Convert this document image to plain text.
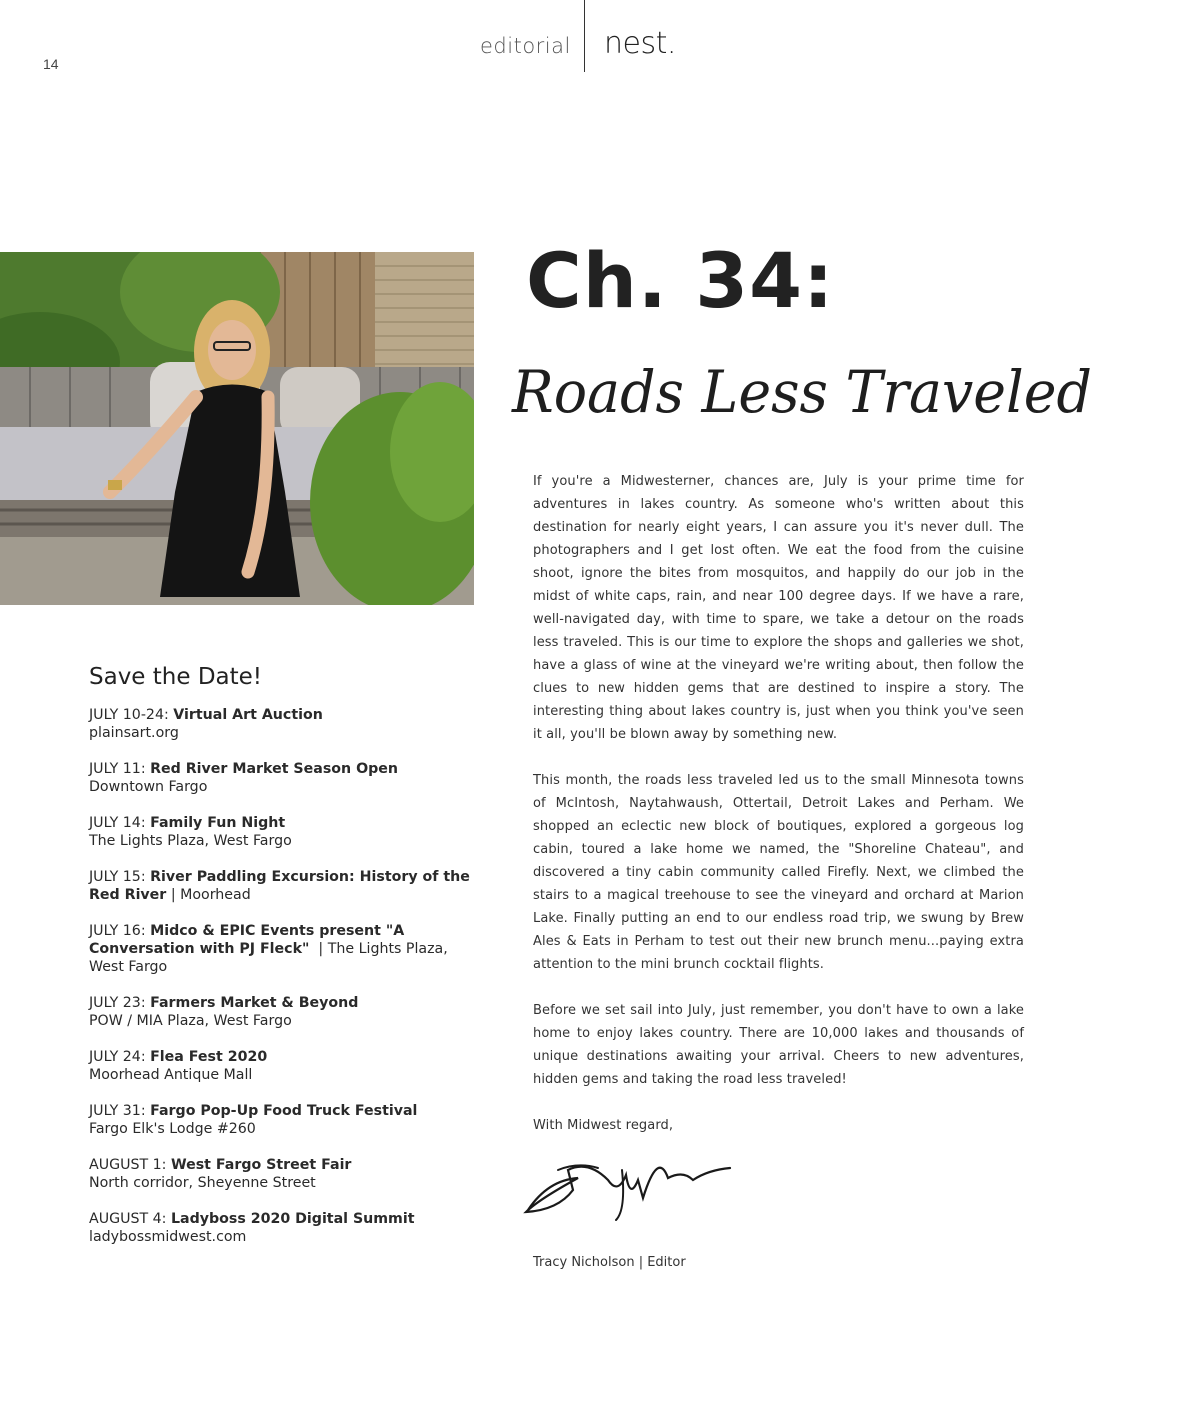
14
editorial nest.
Ch. 34:
Roads Less Traveled

If you're a Midwesterner, chances are, July is your prime time for adventures in lakes country. As someone who's written about this destination for nearly eight years, I can assure you it's never dull. The photographers and I get lost often. We eat the food from the cuisine shoot, ignore the bites from mosquitos, and happily do our job in the midst of white caps, rain, and near 100 degree days. If we have a rare, well-navigated day, with time to spare, we take a detour on the roads less traveled. This is our time to explore the shops and galleries we shot, have a glass of wine at the vineyard we're writing about, then follow the clues to new hidden gems that are destined to inspire a story. The interesting thing about lakes country is, just when you think you've seen it all, you'll be blown away by something new.

This month, the roads less traveled led us to the small Minnesota towns of McIntosh, Naytahwaush, Ottertail, Detroit Lakes and Perham. We shopped an eclectic new block of boutiques, explored a gorgeous log cabin, toured a lake home we named, the "Shoreline Chateau", and discovered a tiny cabin community called Firefly. Next, we climbed the stairs to a magical treehouse to see the vineyard and orchard at Marion Lake. Finally putting an end to our endless road trip, we swung by Brew Ales & Eats in Perham to test out their new brunch menu...paying extra attention to the mini brunch cocktail flights.

Before we set sail into July, just remember, you don't have to own a lake home to enjoy lakes country. There are 10,000 lakes and thousands of unique destinations awaiting your arrival. Cheers to new adventures, hidden gems and taking the road less traveled!

With Midwest regard,

Tracy Nicholson | Editor
Save the Date!
JULY 10-24: Virtual Art Auction
plainsart.org
JULY 11: Red River Market Season Open
Downtown Fargo
JULY 14: Family Fun Night
The Lights Plaza, West Fargo
JULY 15: River Paddling Excursion: History of the Red River | Moorhead
JULY 16: Midco & EPIC Events present "A Conversation with PJ Fleck"  | The Lights Plaza, West Fargo
JULY 23: Farmers Market & Beyond
POW / MIA Plaza, West Fargo
JULY 24: Flea Fest 2020
Moorhead Antique Mall
JULY 31: Fargo Pop-Up Food Truck Festival
Fargo Elk's Lodge #260
AUGUST 1: West Fargo Street Fair
North corridor, Sheyenne Street
AUGUST 4: Ladyboss 2020 Digital Summit
ladybossmidwest.com
